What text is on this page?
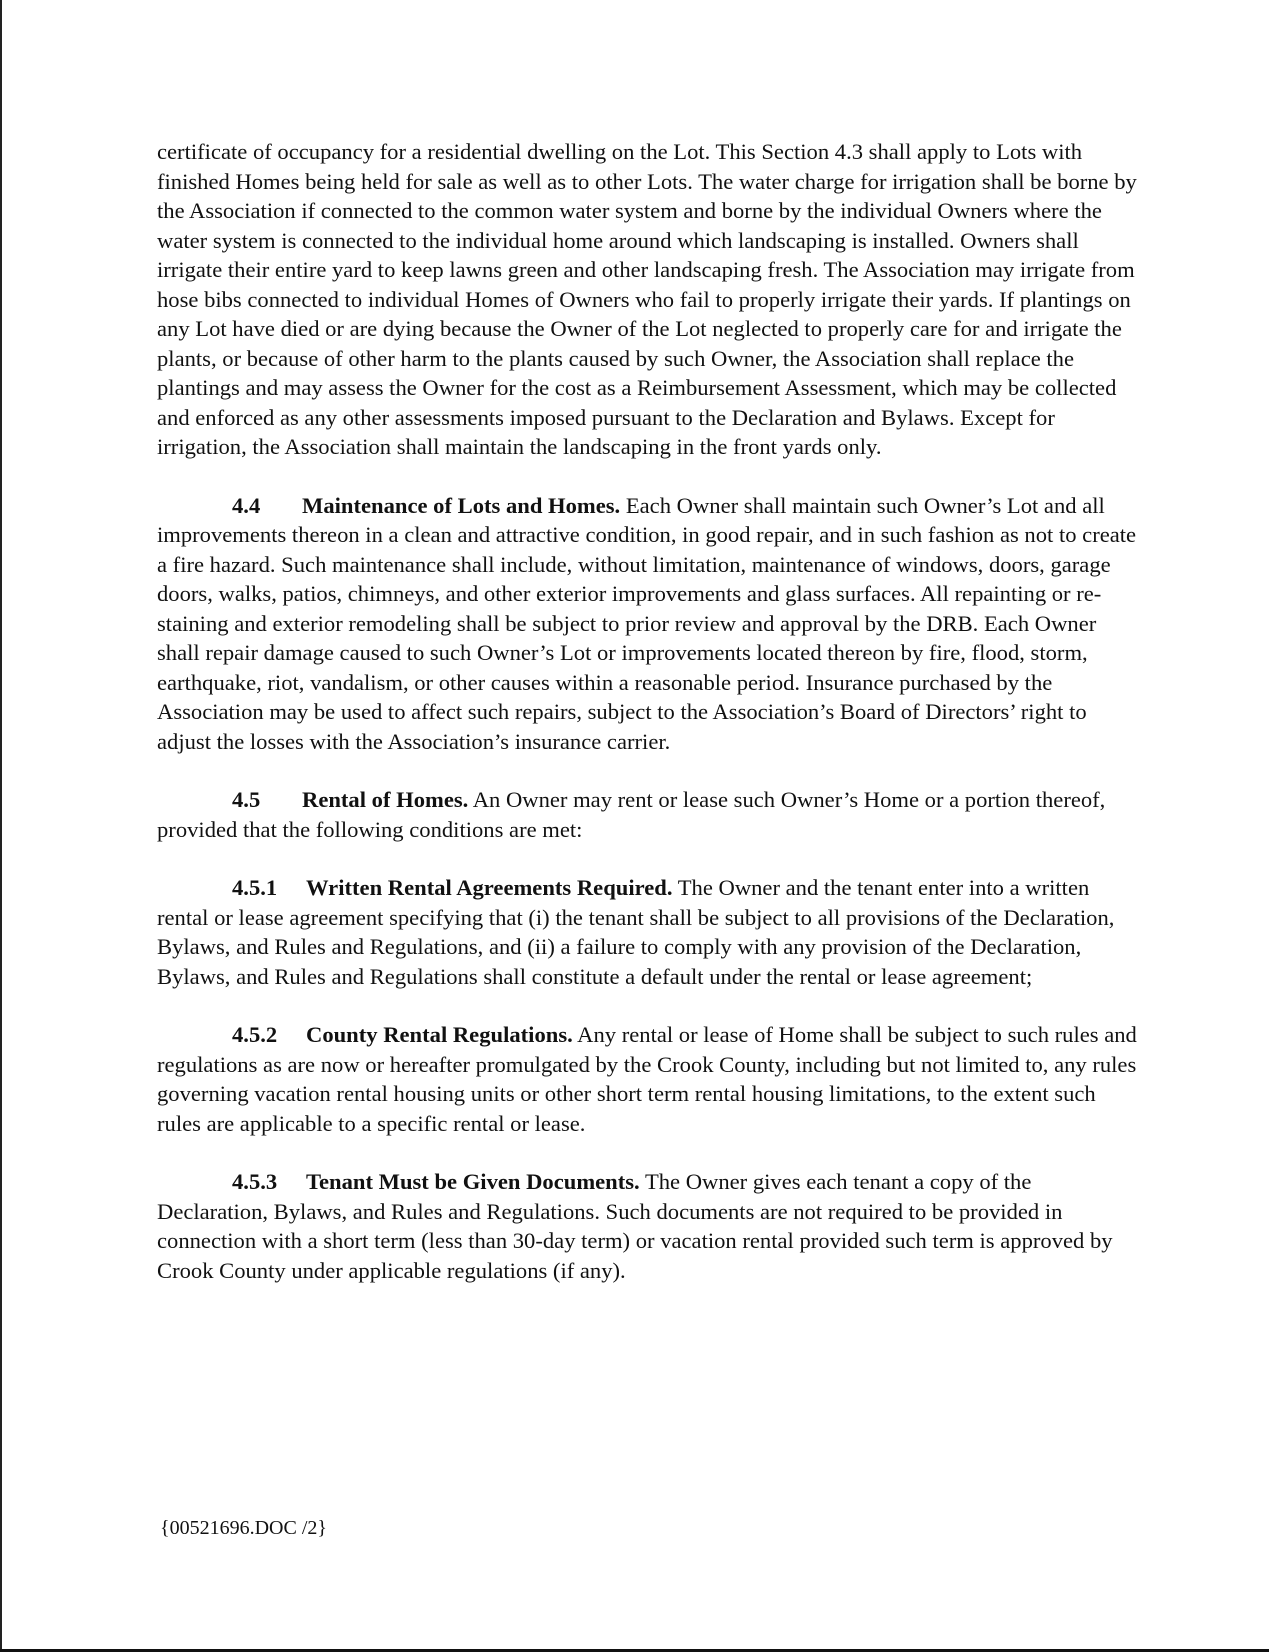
certificate of occupancy for a residential dwelling on the Lot. This Section 4.3 shall apply to Lots with finished Homes being held for sale as well as to other Lots. The water charge for irrigation shall be borne by the Association if connected to the common water system and borne by the individual Owners where the water system is connected to the individual home around which landscaping is installed. Owners shall irrigate their entire yard to keep lawns green and other landscaping fresh. The Association may irrigate from hose bibs connected to individual Homes of Owners who fail to properly irrigate their yards. If plantings on any Lot have died or are dying because the Owner of the Lot neglected to properly care for and irrigate the plants, or because of other harm to the plants caused by such Owner, the Association shall replace the plantings and may assess the Owner for the cost as a Reimbursement Assessment, which may be collected and enforced as any other assessments imposed pursuant to the Declaration and Bylaws. Except for irrigation, the Association shall maintain the landscaping in the front yards only.

4.4 Maintenance of Lots and Homes. Each Owner shall maintain such Owner’s Lot and all improvements thereon in a clean and attractive condition, in good repair, and in such fashion as not to create a fire hazard. Such maintenance shall include, without limitation, maintenance of windows, doors, garage doors, walks, patios, chimneys, and other exterior improvements and glass surfaces. All repainting or re-staining and exterior remodeling shall be subject to prior review and approval by the DRB. Each Owner shall repair damage caused to such Owner’s Lot or improvements located thereon by fire, flood, storm, earthquake, riot, vandalism, or other causes within a reasonable period. Insurance purchased by the Association may be used to affect such repairs, subject to the Association’s Board of Directors’ right to adjust the losses with the Association’s insurance carrier.

4.5 Rental of Homes. An Owner may rent or lease such Owner’s Home or a portion thereof, provided that the following conditions are met:

4.5.1 Written Rental Agreements Required. The Owner and the tenant enter into a written rental or lease agreement specifying that (i) the tenant shall be subject to all provisions of the Declaration, Bylaws, and Rules and Regulations, and (ii) a failure to comply with any provision of the Declaration, Bylaws, and Rules and Regulations shall constitute a default under the rental or lease agreement;

4.5.2 County Rental Regulations. Any rental or lease of Home shall be subject to such rules and regulations as are now or hereafter promulgated by the Crook County, including but not limited to, any rules governing vacation rental housing units or other short term rental housing limitations, to the extent such rules are applicable to a specific rental or lease.

4.5.3 Tenant Must be Given Documents. The Owner gives each tenant a copy of the Declaration, Bylaws, and Rules and Regulations. Such documents are not required to be provided in connection with a short term (less than 30-day term) or vacation rental provided such term is approved by Crook County under applicable regulations (if any).

{00521696.DOC /2}
